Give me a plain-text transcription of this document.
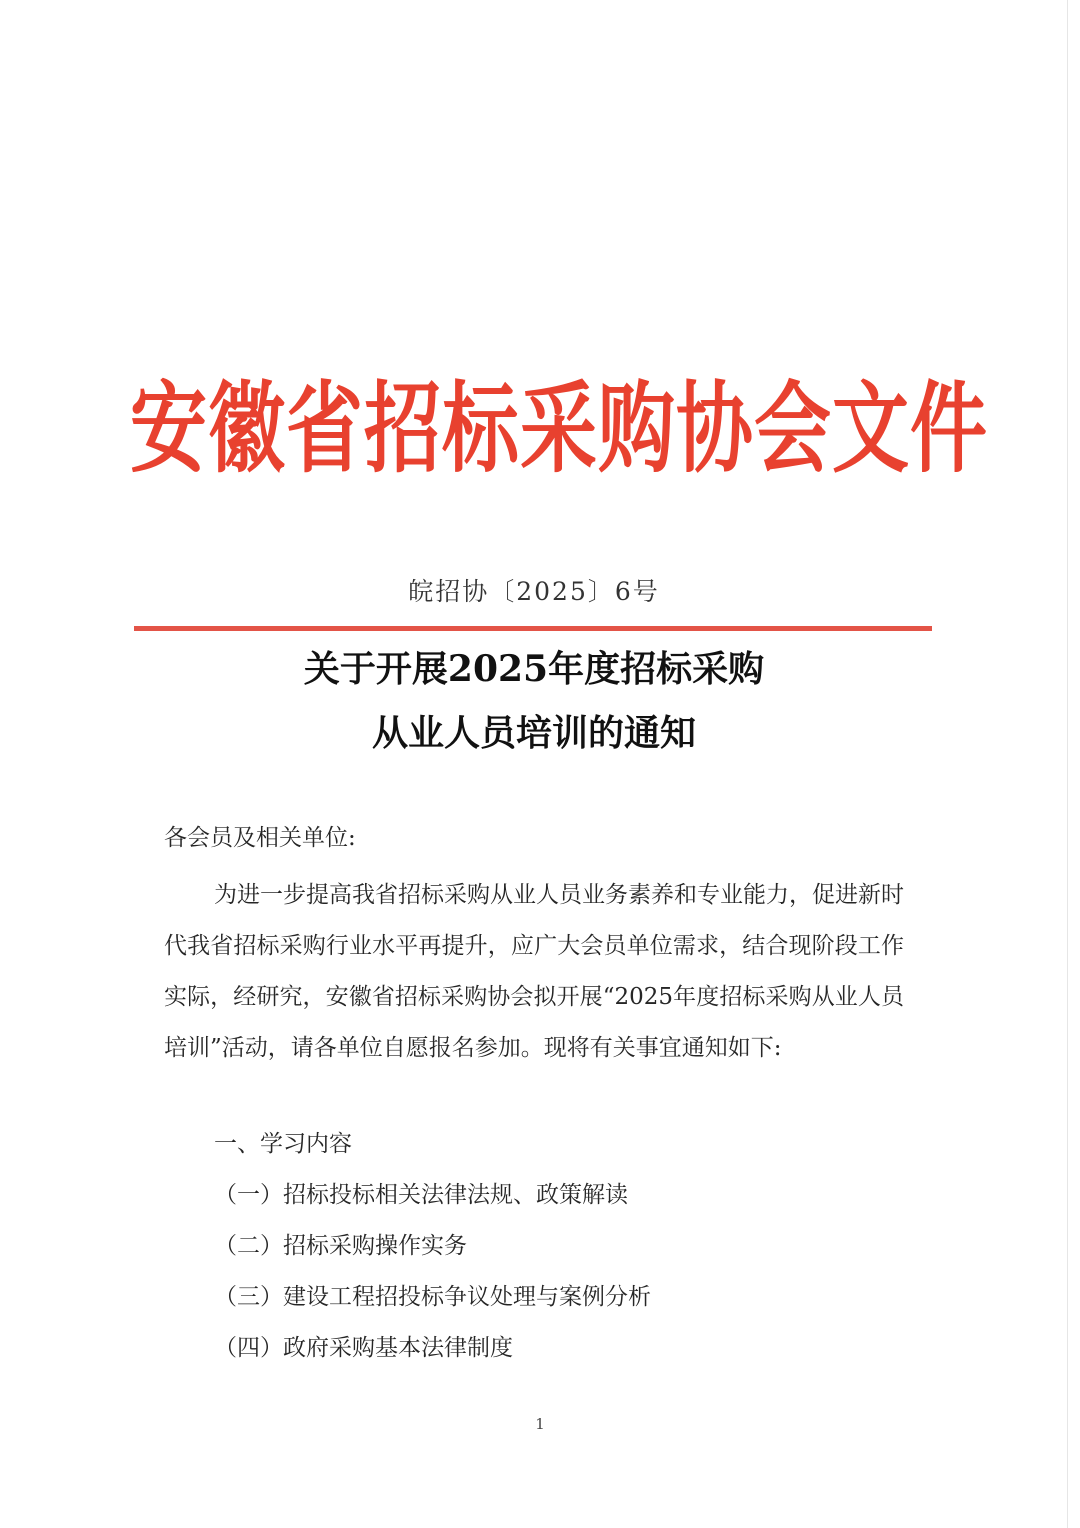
安徽省招标采购协会文件
皖招协〔2025〕6号
关于开展2025年度招标采购
从业人员培训的通知
各会员及相关单位:
为进一步提高我省招标采购从业人员业务素养和专业能力，促进新时代我省招标采购行业水平再提升，应广大会员单位需求，结合现阶段工作实际，经研究，安徽省招标采购协会拟开展“2025年度招标采购从业人员培训”活动，请各单位自愿报名参加。现将有关事宜通知如下:
一、学习内容
（一）招标投标相关法律法规、政策解读
（二）招标采购操作实务
（三）建设工程招投标争议处理与案例分析
（四）政府采购基本法律制度
1
